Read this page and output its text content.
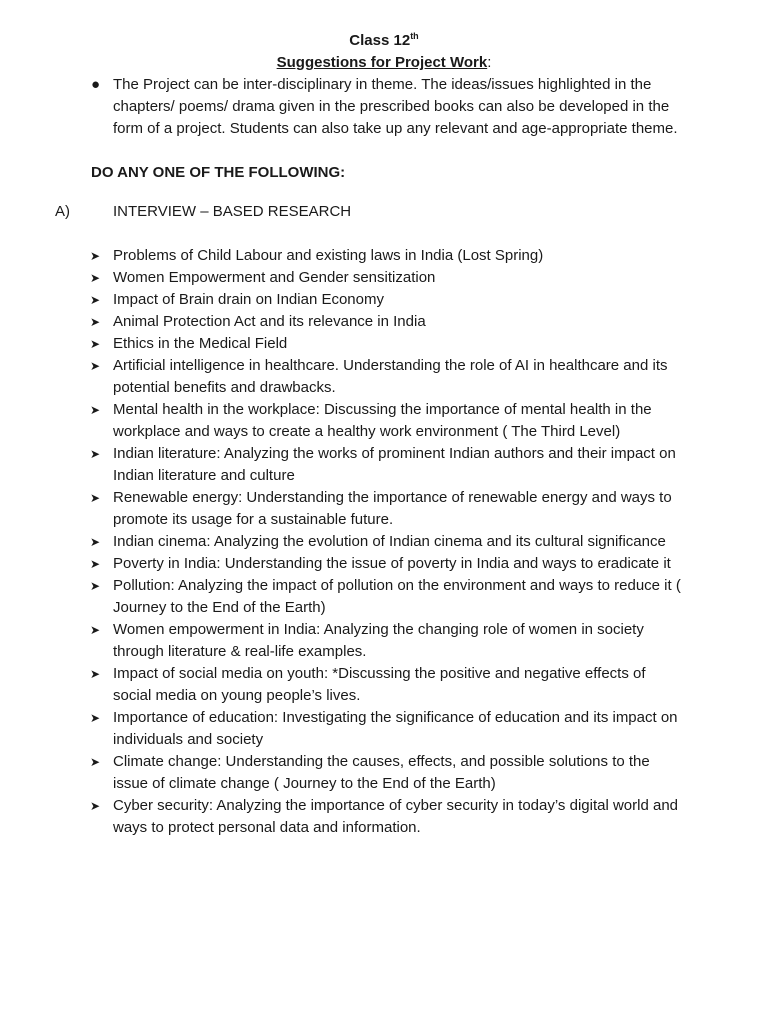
Class 12th
Suggestions for Project Work:
● The Project can be inter-disciplinary in theme. The ideas/issues highlighted in the chapters/ poems/ drama given in the prescribed books can also be developed in the form of a project. Students can also take up any relevant and age-appropriate theme.
DO ANY ONE OF THE FOLLOWING:
A)	INTERVIEW – BASED RESEARCH
➤ Problems of Child Labour and existing laws in India (Lost Spring)
➤ Women Empowerment and Gender sensitization
➤ Impact of Brain drain on Indian Economy
➤ Animal Protection Act and its relevance in India
➤ Ethics in the Medical Field
➤ Artificial intelligence in healthcare. Understanding the role of AI in healthcare and its potential benefits and drawbacks.
➤ Mental health in the workplace: Discussing the importance of mental health in the workplace and ways to create a healthy work environment ( The Third Level)
➤ Indian literature: Analyzing the works of prominent Indian authors and their impact on Indian literature and culture
➤ Renewable energy: Understanding the importance of renewable energy and ways to promote its usage for a sustainable future.
➤ Indian cinema: Analyzing the evolution of Indian cinema and its cultural significance
➤ Poverty in India: Understanding the issue of poverty in India and ways to eradicate it
➤ Pollution: Analyzing the impact of pollution on the environment and ways to reduce it ( Journey to the End of the Earth)
➤ Women empowerment in India: Analyzing the changing role of women in society through literature & real-life examples.
➤ Impact of social media on youth: *Discussing the positive and negative effects of social media on young people’s lives.
➤ Importance of education: Investigating the significance of education and its impact on individuals and society
➤ Climate change: Understanding the causes, effects, and possible solutions to the issue of climate change ( Journey to the End of the Earth)
➤ Cyber security: Analyzing the importance of cyber security in today’s digital world and ways to protect personal data and information.
